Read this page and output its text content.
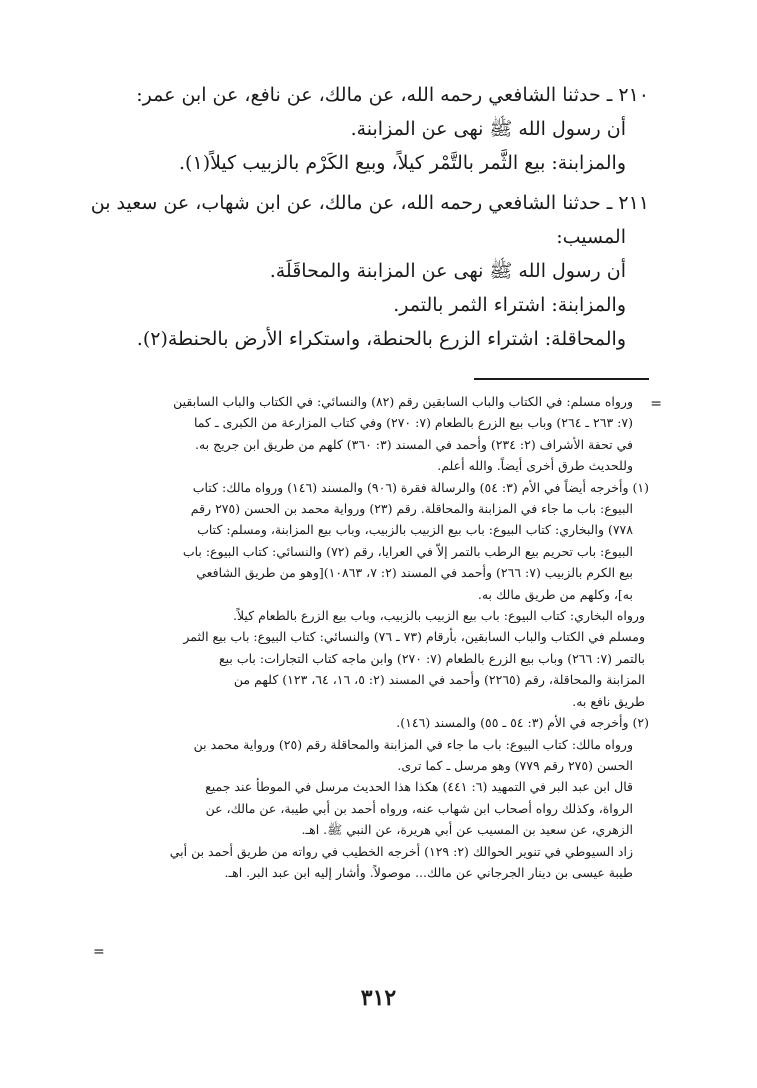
٢١٠ ـ حدثنا الشافعي رحمه الله، عن مالك، عن نافع، عن ابن عمر:
أن رسول الله ﷺ نهى عن المزابنة.
والمزابنة: بيع الثَّمر بالتَّمْر كيلاً، وبيع الكَرْم بالزبيب كيلاً(١).
٢١١ ـ حدثنا الشافعي رحمه الله، عن مالك، عن ابن شهاب، عن سعيد بن
المسيب:
أن رسول الله ﷺ نهى عن المزابنة والمحاقَلَة.
والمزابنة: اشتراء الثمر بالتمر.
والمحاقلة: اشتراء الزرع بالحنطة، واستكراء الأرض بالحنطة(٢).
=
ورواه مسلم: في الكتاب والباب السابقين رقم (٨٢) والنسائي: في الكتاب والباب السابقين
(٧: ٢٦٣ ـ ٢٦٤) وباب بيع الزرع بالطعام (٧: ٢٧٠) وفي كتاب المزارعة من الكبرى ـ كما
في تحفة الأشراف (٢: ٢٣٤) وأحمد في المسند (٣: ٣٦٠) كلهم من طريق ابن جريج به.
وللحديث طرق أخرى أيضاً. والله أعلم.
(١) وأخرجه أيضاً في الأم (٣: ٥٤) والرسالة فقرة (٩٠٦) والمسند (١٤٦) ورواه مالك: كتاب
البيوع: باب ما جاء في المزابنة والمحاقلة. رقم (٢٣) ورواية محمد بن الحسن (٢٧٥ رقم
٧٧٨) والبخاري: كتاب البيوع: باب بيع الزبيب بالزبيب، وباب بيع المزابنة، ومسلم: كتاب
البيوع: باب تحريم بيع الرطب بالتمر إلاّ في العرايا، رقم (٧٢) والنسائي: كتاب البيوع: باب
بيع الكرم بالزبيب (٧: ٢٦٦) وأحمد في المسند (٢: ٧، ١٠٨٦٣)[وهو من طريق الشافعي
به]، وكلهم من طريق مالك به.
ورواه البخاري: كتاب البيوع: باب بيع الزبيب بالزبيب، وباب بيع الزرع بالطعام كيلاً.
ومسلم في الكتاب والباب السابقين، بأرقام (٧٣ ـ ٧٦) والنسائي: كتاب البيوع: باب بيع الثمر
بالتمر (٧: ٢٦٦) وباب بيع الزرع بالطعام (٧: ٢٧٠) وابن ماجه كتاب التجارات: باب بيع
المزابنة والمحاقلة، رقم (٢٢٦٥) وأحمد في المسند (٢: ٥، ١٦، ٦٤، ١٢٣) كلهم من
طريق نافع به.
(٢) وأخرجه في الأم (٣: ٥٤ ـ ٥٥) والمسند (١٤٦).
ورواه مالك: كتاب البيوع: باب ما جاء في المزابنة والمحاقلة رقم (٢٥) ورواية محمد بن
الحسن (٢٧٥ رقم ٧٧٩) وهو مرسل ـ كما ترى.
قال ابن عبد البر في التمهيد (٦: ٤٤١) هكذا هذا الحديث مرسل في الموطأ عند جميع
الرواة، وكذلك رواه أصحاب ابن شهاب عنه، ورواه أحمد بن أبي طيبة، عن مالك، عن
الزهري، عن سعيد بن المسيب عن أبي هريرة، عن النبي ﷺ. اهـ.
زاد السيوطي في تنوير الحوالك (٢: ١٢٩) أخرجه الخطيب في رواته من طريق أحمد بن أبي
طيبة عيسى بن دينار الجرجاني عن مالك... موصولاً. وأشار إليه ابن عبد البر. اهـ.
=
٣١٢
